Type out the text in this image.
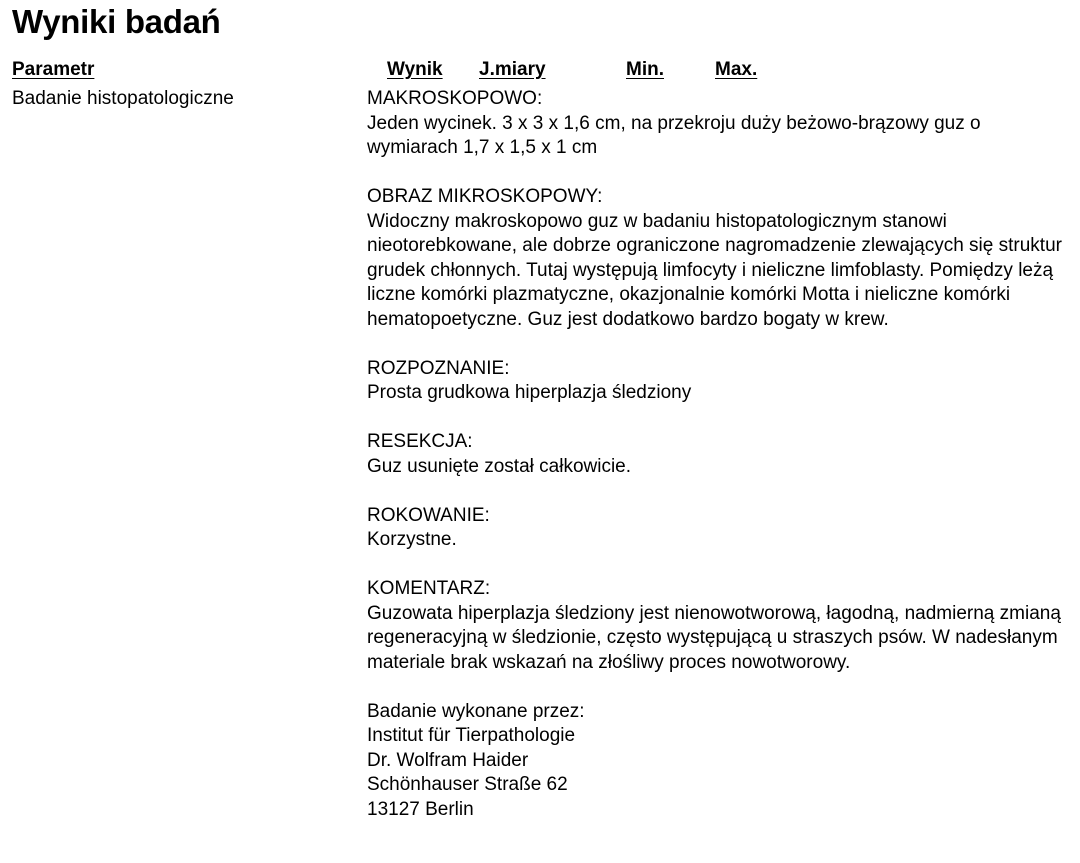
Wyniki badań
Parametr	Wynik J.miary	Min.	Max.
Badanie histopatologiczne	MAKROSKOPOWO:
Jeden wycinek. 3 x 3 x 1,6 cm, na przekroju duży beżowo-brązowy guz o wymiarach 1,7 x 1,5 x 1 cm
OBRAZ MIKROSKOPOWY:
Widoczny makroskopowo guz w badaniu histopatologicznym stanowi nieotorebkowane, ale dobrze ograniczone nagromadzenie zlewających się struktur grudek chłonnych. Tutaj występują limfocyty i nieliczne limfoblasty. Pomiędzy leżą liczne komórki plazmatyczne, okazjonalnie komórki Motta i nieliczne komórki hematopoetyczne. Guz jest dodatkowo bardzo bogaty w krew.
ROZPOZNANIE:
Prosta grudkowa hiperplazja śledziony
RESEKCJA:
Guz usunięte został całkowicie.
ROKOWANIE:
Korzystne.
KOMENTARZ:
Guzowata hiperplazja śledziony jest nienowotworową, łagodną, nadmierną zmianą regeneracyjną w śledzionie, często występującą u straszych psów. W nadesłanym materiale brak wskazań na złośliwy proces nowotworowy.
Badanie wykonane przez:
Institut für Tierpathologie
Dr. Wolfram Haider
Schönhauser Straße 62
13127 Berlin
